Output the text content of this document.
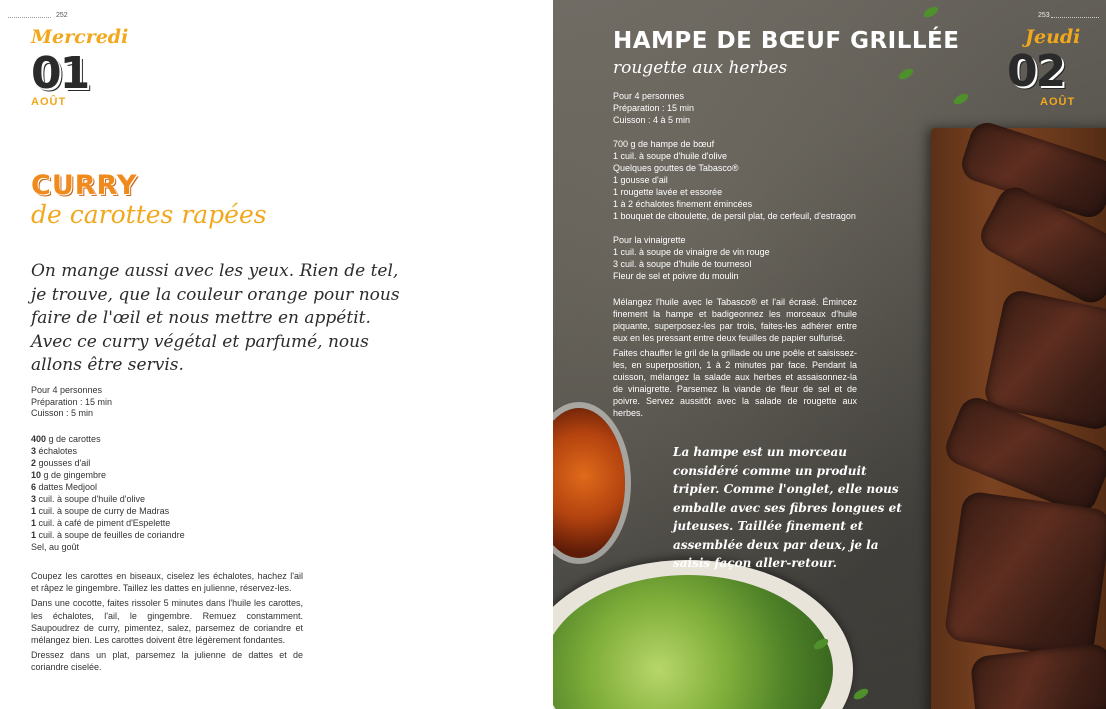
252
Mercredi
01
AOÛT
CURRY
de carottes rapées
On mange aussi avec les yeux. Rien de tel, je trouve, que la couleur orange pour nous faire de l'œil et nous mettre en appétit. Avec ce curry végétal et parfumé, nous allons être servis.
Pour 4 personnes
Préparation : 15 min
Cuisson : 5 min
400 g de carottes
3 échalotes
2 gousses d'ail
10 g de gingembre
6 dattes Medjool
3 cuil. à soupe d'huile d'olive
1 cuil. à soupe de curry de Madras
1 cuil. à café de piment d'Espelette
1 cuil. à soupe de feuilles de coriandre
Sel, au goût

Coupez les carottes en biseaux, ciselez les échalotes, hachez l'ail et râpez le gingembre. Taillez les dattes en julienne, réservez-les.

Dans une cocotte, faites rissoler 5 minutes dans l'huile les carottes, les échalotes, l'ail, le gingembre. Remuez constamment. Saupoudrez de curry, pimentez, salez, parsemez de coriandre et mélangez bien. Les carottes doivent être légèrement fondantes.

Dressez dans un plat, parsemez la julienne de dattes et de coriandre ciselée.

253
Jeudi
02
AOÛT
HAMPE DE BŒUF GRILLÉE
rougette aux herbes
Pour 4 personnes
Préparation : 15 min
Cuisson : 4 à 5 min
700 g de hampe de bœuf
1 cuil. à soupe d'huile d'olive
Quelques gouttes de Tabasco®
1 gousse d'ail
1 rougette lavée et essorée
1 à 2 échalotes finement émincées
1 bouquet de ciboulette, de persil plat, de cerfeuil, d'estragon
Pour la vinaigrette
1 cuil. à soupe de vinaigre de vin rouge
3 cuil. à soupe d'huile de tournesol
Fleur de sel et poivre du moulin

Mélangez l'huile avec le Tabasco® et l'ail écrasé. Émincez finement la hampe et badigeonnez les morceaux d'huile piquante, superposez-les par trois, faites-les adhérer entre eux en les pressant entre deux feuilles de papier sulfurisé.

Faites chauffer le gril de la grillade ou une poêle et saisissez-les, en superposition, 1 à 2 minutes par face. Pendant la cuisson, mélangez la salade aux herbes et assaisonnez-la de vinaigrette. Parsemez la viande de fleur de sel et de poivre. Servez aussitôt avec la salade de rougette aux herbes.

La hampe est un morceau considéré comme un produit tripier. Comme l'onglet, elle nous emballe avec ses fibres longues et juteuses. Taillée finement et assemblée deux par deux, je la saisis façon aller-retour.
